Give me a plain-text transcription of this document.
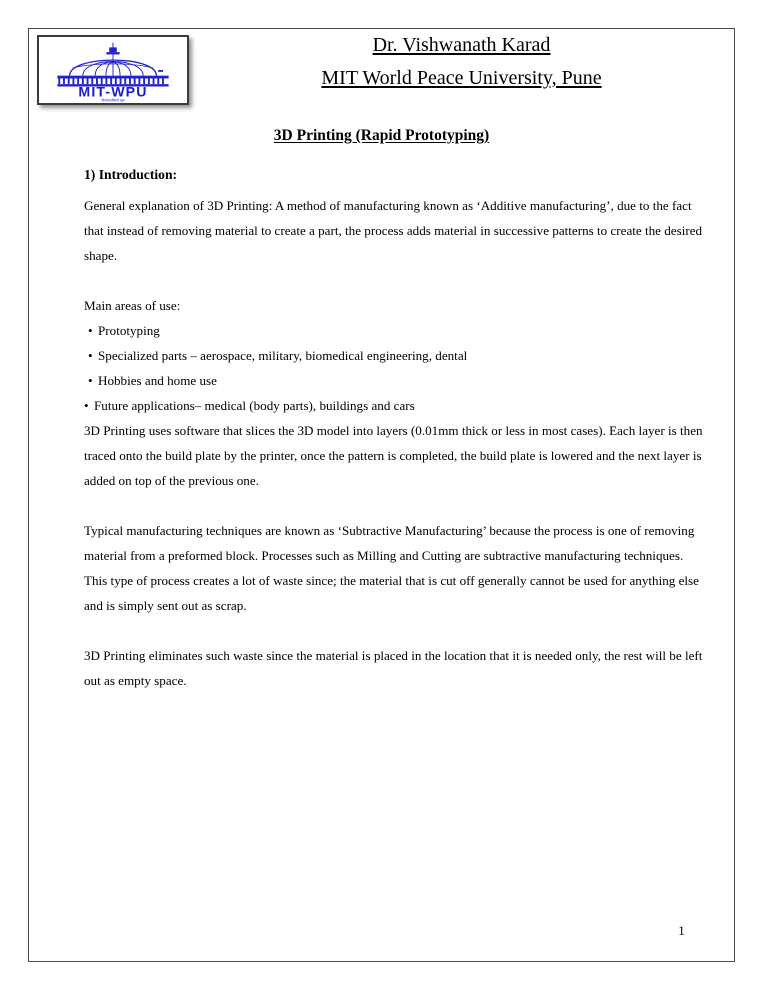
MIT-WPU
विश्वशांतीकर्ता गुरू
Dr. Vishwanath Karad
MIT World Peace University, Pune
3D Printing (Rapid Prototyping)
1) Introduction:

General explanation of 3D Printing: A method of manufacturing known as ‘Additive manufacturing’, due to the fact that instead of removing material to create a part, the process adds material in successive patterns to create the desired shape.

Main areas of use:

• Prototyping
• Specialized parts – aerospace, military, biomedical engineering, dental
• Hobbies and home use
• Future applications– medical (body parts), buildings and cars

3D Printing uses software that slices the 3D model into layers (0.01mm thick or less in most cases). Each layer is then traced onto the build plate by the printer, once the pattern is completed, the build plate is lowered and the next layer is added on top of the previous one.

Typical manufacturing techniques are known as ‘Subtractive Manufacturing’ because the process is one of removing material from a preformed block. Processes such as Milling and Cutting are subtractive manufacturing techniques. This type of process creates a lot of waste since; the material that is cut off generally cannot be used for anything else and is simply sent out as scrap.

3D Printing eliminates such waste since the material is placed in the location that it is needed only, the rest will be left out as empty space.

1
